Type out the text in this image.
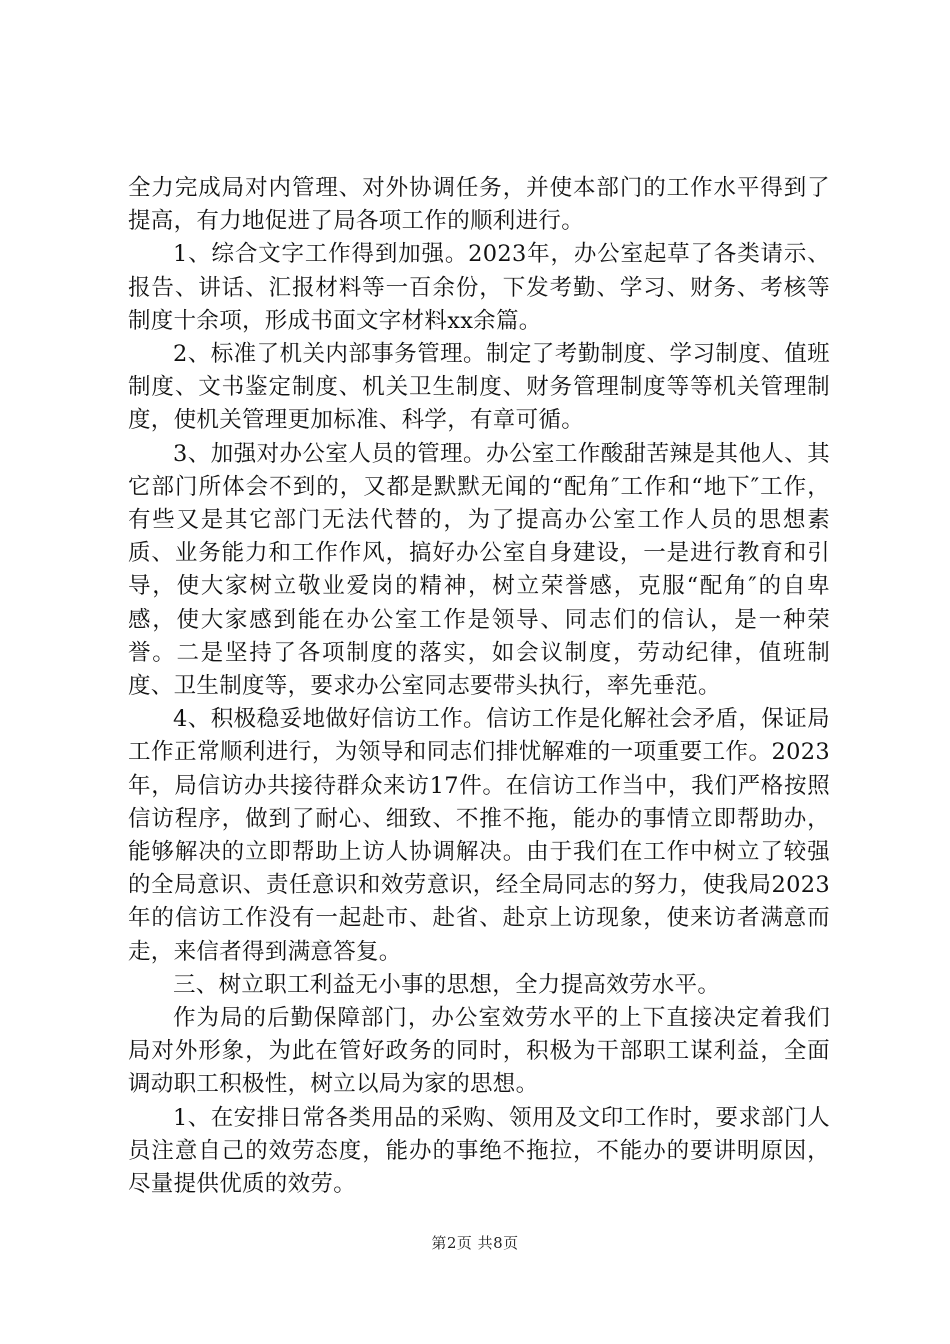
全力完成局对内管理、对外协调任务，并使本部门的工作水平得到了提高，有力地促进了局各项工作的顺利进行。

1、综合文字工作得到加强。2023年，办公室起草了各类请示、报告、讲话、汇报材料等一百余份，下发考勤、学习、财务、考核等制度十余项，形成书面文字材料xx余篇。

2、标准了机关内部事务管理。制定了考勤制度、学习制度、值班制度、文书鉴定制度、机关卫生制度、财务管理制度等等机关管理制度，使机关管理更加标准、科学，有章可循。

3、加强对办公室人员的管理。办公室工作酸甜苦辣是其他人、其它部门所体会不到的，又都是默默无闻的“配角″工作和“地下″工作，有些又是其它部门无法代替的，为了提高办公室工作人员的思想素质、业务能力和工作作风，搞好办公室自身建设，一是进行教育和引导，使大家树立敬业爱岗的精神，树立荣誉感，克服“配角″的自卑感，使大家感到能在办公室工作是领导、同志们的信认，是一种荣誉。二是坚持了各项制度的落实，如会议制度，劳动纪律，值班制度、卫生制度等，要求办公室同志要带头执行，率先垂范。

4、积极稳妥地做好信访工作。信访工作是化解社会矛盾，保证局工作正常顺利进行，为领导和同志们排忧解难的一项重要工作。2023年，局信访办共接待群众来访17件。在信访工作当中，我们严格按照信访程序，做到了耐心、细致、不推不拖，能办的事情立即帮助办，能够解决的立即帮助上访人协调解决。由于我们在工作中树立了较强的全局意识、责任意识和效劳意识，经全局同志的努力，使我局2023年的信访工作没有一起赴市、赴省、赴京上访现象，使来访者满意而走，来信者得到满意答复。

三、树立职工利益无小事的思想，全力提高效劳水平。

作为局的后勤保障部门，办公室效劳水平的上下直接决定着我们局对外形象，为此在管好政务的同时，积极为干部职工谋利益，全面调动职工积极性，树立以局为家的思想。

1、在安排日常各类用品的采购、领用及文印工作时，要求部门人员注意自己的效劳态度，能办的事绝不拖拉，不能办的要讲明原因，尽量提供优质的效劳。

第2页 共8页
